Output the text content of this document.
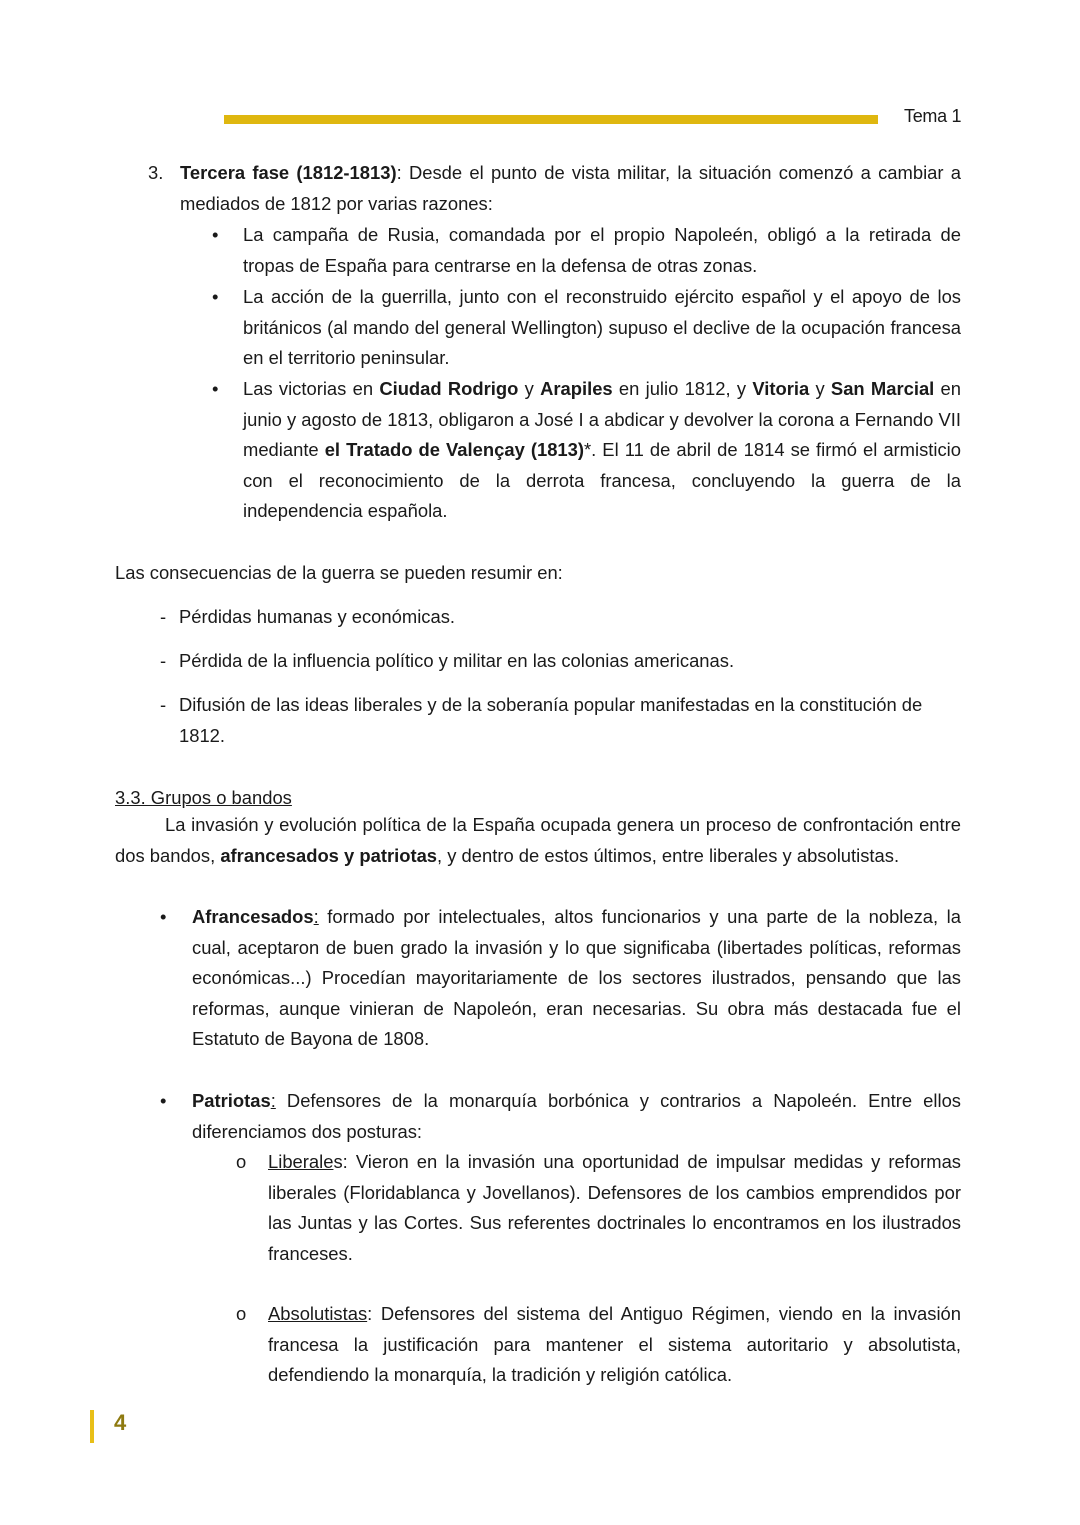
Tema 1
3. Tercera fase (1812-1813): Desde el punto de vista militar, la situación comenzó a cambiar a mediados de 1812 por varias razones:

• La campaña de Rusia, comandada por el propio Napoleén, obligó a la retirada de tropas de España para centrarse en la defensa de otras zonas.

• La acción de la guerrilla, junto con el reconstruido ejército español y el apoyo de los británicos (al mando del general Wellington) supuso el declive de la ocupación francesa en el territorio peninsular.

• Las victorias en Ciudad Rodrigo y Arapiles en julio 1812, y Vitoria y San Marcial en junio y agosto de 1813, obligaron a José I a abdicar y devolver la corona a Fernando VII mediante el Tratado de Valençay (1813)*. El 11 de abril de 1814 se firmó el armisticio con el reconocimiento de la derrota francesa, concluyendo la guerra de la independencia española.

Las consecuencias de la guerra se pueden resumir en:
- Pérdidas humanas y económicas.
- Pérdida de la influencia político y militar en las colonias americanas.
- Difusión de las ideas liberales y de la soberanía popular manifestadas en la constitución de 1812.
3.3. Grupos o bandos

La invasión y evolución política de la España ocupada genera un proceso de confrontación entre dos bandos, afrancesados y patriotas, y dentro de estos últimos, entre liberales y absolutistas.

• Afrancesados: formado por intelectuales, altos funcionarios y una parte de la nobleza, la cual, aceptaron de buen grado la invasión y lo que significaba (libertades políticas, reformas económicas...) Procedían mayoritariamente de los sectores ilustrados, pensando que las reformas, aunque vinieran de Napoleón, eran necesarias. Su obra más destacada fue el Estatuto de Bayona de 1808.

• Patriotas: Defensores de la monarquía borbónica y contrarios a Napoleén. Entre ellos diferenciamos dos posturas:

o Liberales: Vieron en la invasión una oportunidad de impulsar medidas y reformas liberales (Floridablanca y Jovellanos). Defensores de los cambios emprendidos por las Juntas y las Cortes. Sus referentes doctrinales lo encontramos en los ilustrados franceses.

o Absolutistas: Defensores del sistema del Antiguo Régimen, viendo en la invasión francesa la justificación para mantener el sistema autoritario y absolutista, defendiendo la monarquía, la tradición y religión católica.

4
